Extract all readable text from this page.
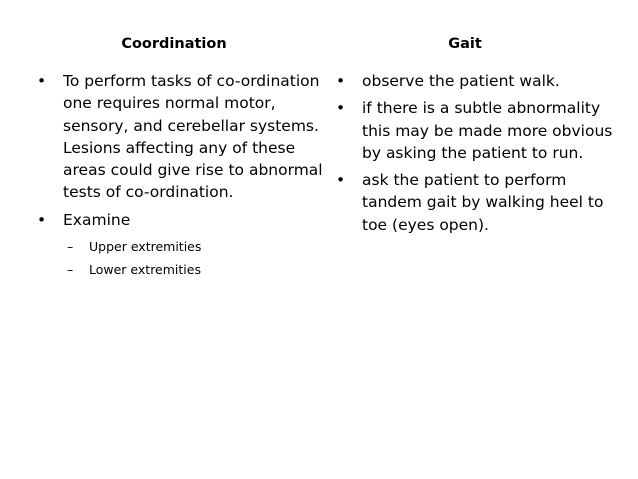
Coordination	Gait
• To perform tasks of co-ordination one requires normal motor, sensory, and cerebellar systems. Lesions affecting any of these areas could give rise to abnormal tests of co-ordination.
• Examine
– Upper extremities
– Lower extremities
• observe the patient walk.
• if there is a subtle abnormality this may be made more obvious by asking the patient to run.
• ask the patient to perform tandem gait by walking heel to toe (eyes open).
